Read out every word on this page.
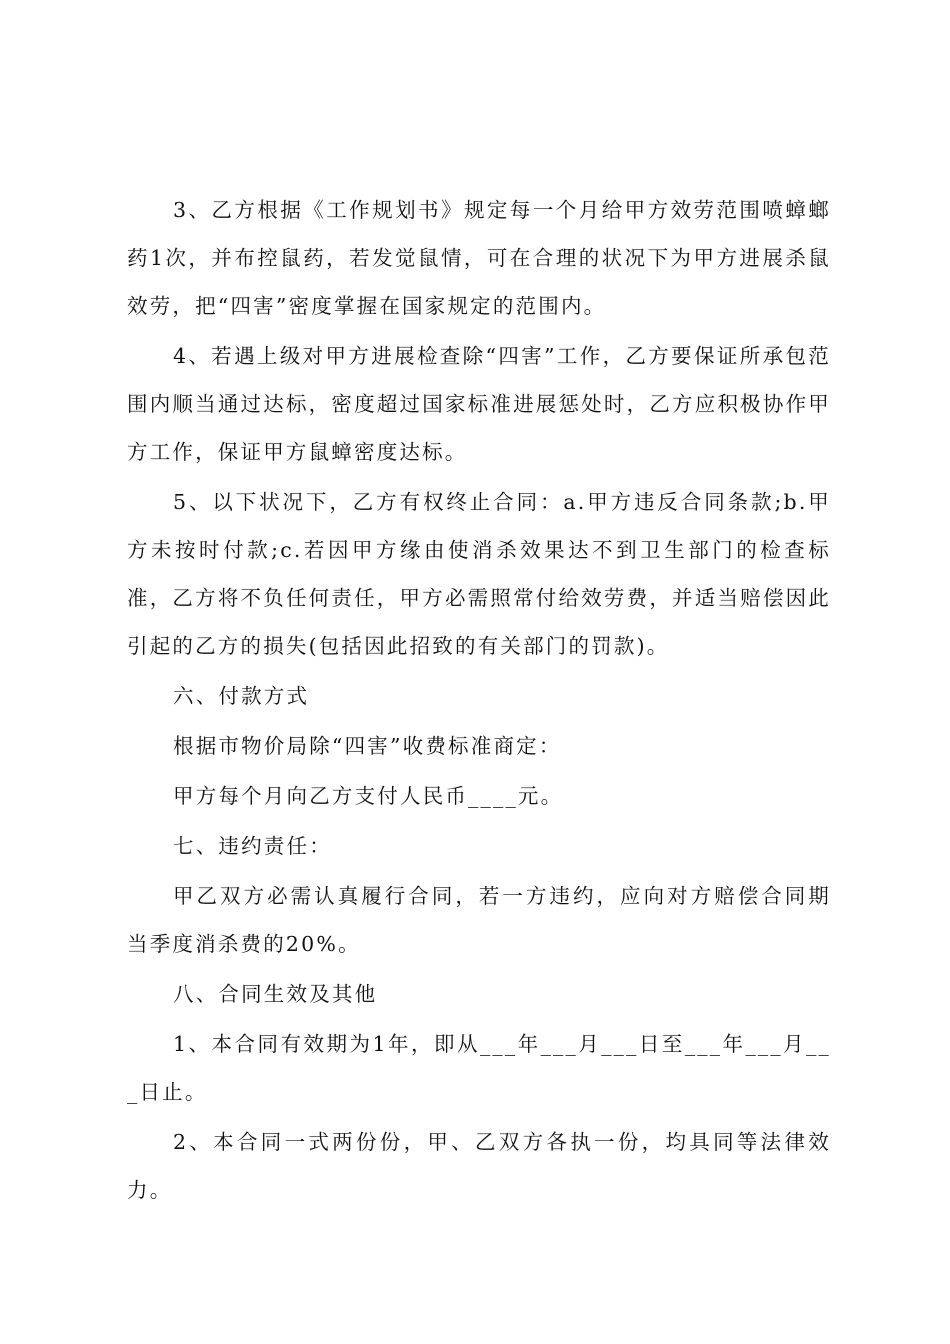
3、乙方根据《工作规划书》规定每一个月给甲方效劳范围喷蟑螂药1次，并布控鼠药，若发觉鼠情，可在合理的状况下为甲方进展杀鼠效劳，把“四害”密度掌握在国家规定的范围内。

4、若遇上级对甲方进展检查除“四害”工作，乙方要保证所承包范围内顺当通过达标，密度超过国家标准进展惩处时，乙方应积极协作甲方工作，保证甲方鼠蟑密度达标。

5、以下状况下，乙方有权终止合同：a.甲方违反合同条款;b.甲方未按时付款;c.若因甲方缘由使消杀效果达不到卫生部门的检查标准，乙方将不负任何责任，甲方必需照常付给效劳费，并适当赔偿因此引起的乙方的损失(包括因此招致的有关部门的罚款)。

六、付款方式

根据市物价局除“四害”收费标准商定：

甲方每个月向乙方支付人民币____元。

七、违约责任：

甲乙双方必需认真履行合同，若一方违约，应向对方赔偿合同期当季度消杀费的20%。

八、合同生效及其他

1、本合同有效期为1年，即从___年___月___日至___年___月___日止。

2、本合同一式两份份，甲、乙双方各执一份，均具同等法律效力。
